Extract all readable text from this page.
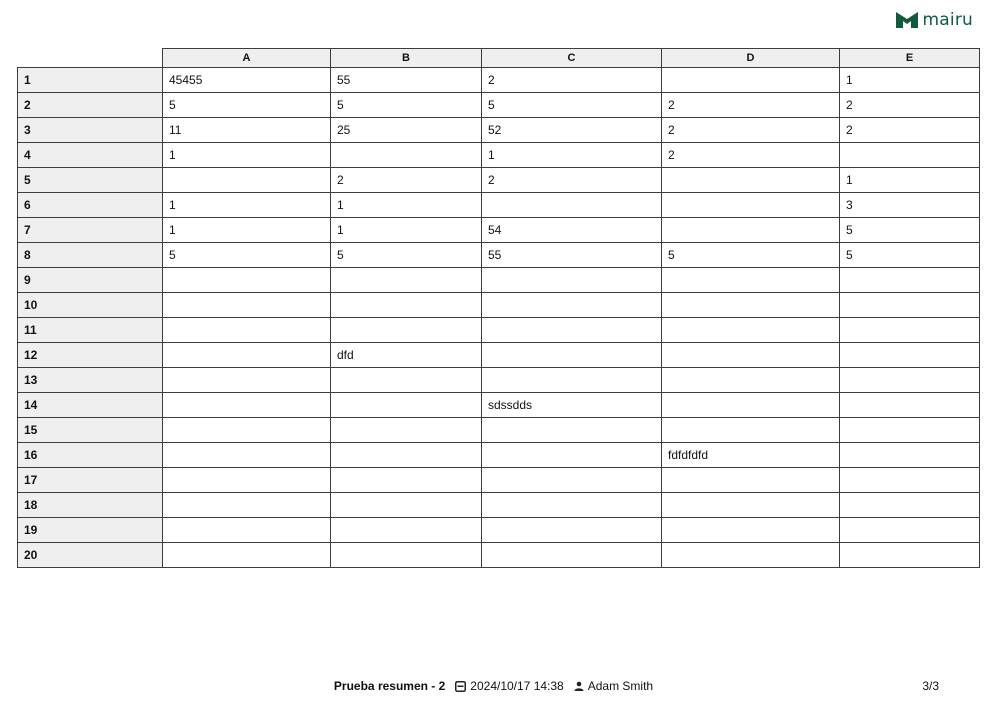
mairu
	A	B	C	D	E
1	45455	55	2		1
2	5	5	5	2	2
3	11	25	52	2	2
4	1		1	2	
5		2	2		1
6	1	1			3
7	1	1	54		5
8	5	5	55	5	5
9					
10					
11					
12		dfd			
13					
14			sdssdds		
15					
16				fdfdfdfd	
17					
18					
19					
20					
Prueba resumen - 2 2024/10/17 14:38 Adam Smith	3/3
